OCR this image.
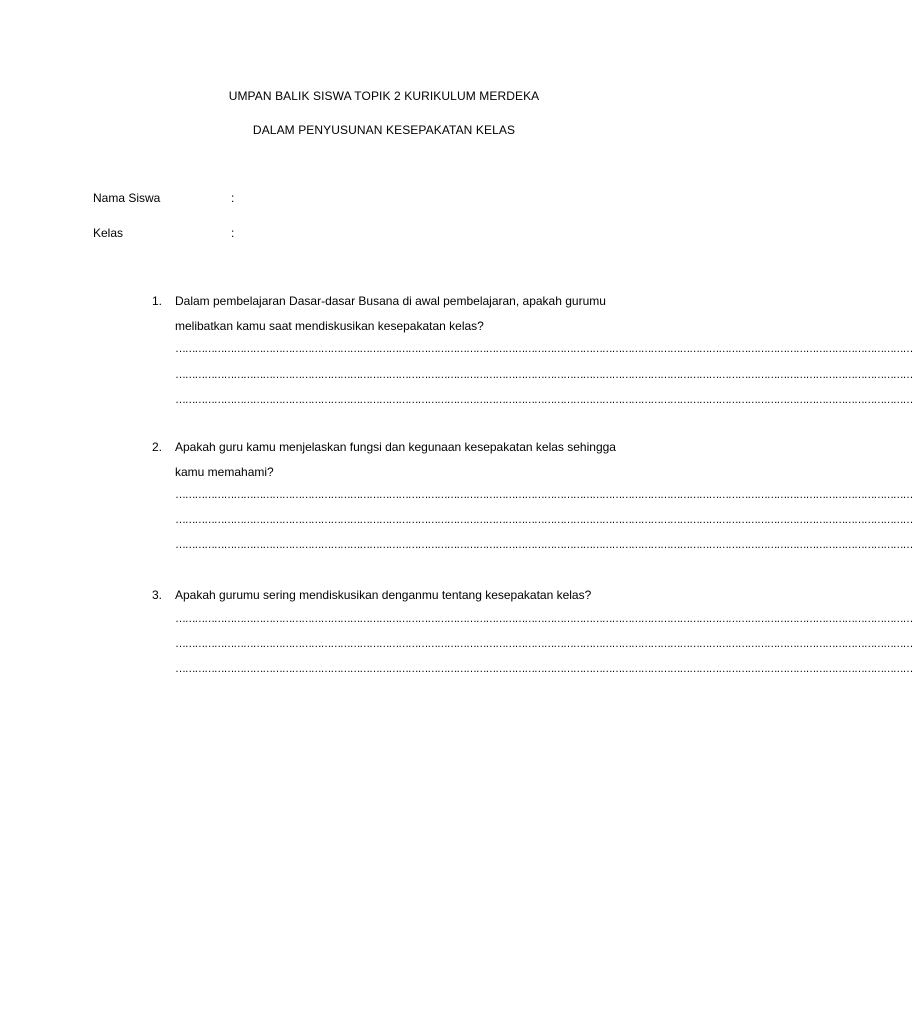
UMPAN BALIK SISWA TOPIK 2 KURIKULUM MERDEKA
DALAM PENYUSUNAN KESEPAKATAN KELAS
Nama Siswa	:
Kelas	:
1. Dalam pembelajaran Dasar-dasar Busana di awal pembelajaran, apakah gurumu
melibatkan kamu saat mendiskusikan kesepakatan kelas?
…………………………………………………………………………………………………………………………………………………………………………………………………………
…………………………………………………………………………………………………………………………………………………………………………………………………………
…………………………………………………………………………………………………………………………………………………………………………………………………………
2. Apakah guru kamu menjelaskan fungsi dan kegunaan kesepakatan kelas sehingga
kamu memahami?
…………………………………………………………………………………………………………………………………………………………………………………………………………
…………………………………………………………………………………………………………………………………………………………………………………………………………
…………………………………………………………………………………………………………………………………………………………………………………………………………
3. Apakah gurumu sering mendiskusikan denganmu tentang kesepakatan kelas?
…………………………………………………………………………………………………………………………………………………………………………………………………………
…………………………………………………………………………………………………………………………………………………………………………………………………………
…………………………………………………………………………………………………………………………………………………………………………………………………………
